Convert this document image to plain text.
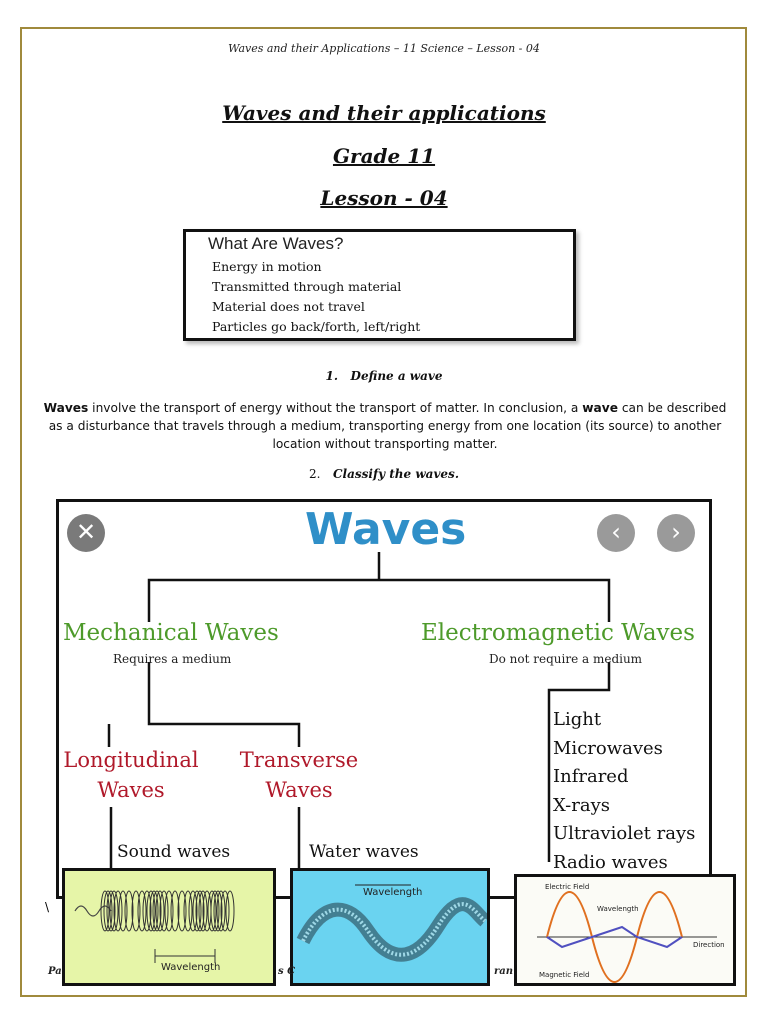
Waves and their Applications – 11 Science – Lesson - 04
Waves and their applications
Grade 11
Lesson - 04
What Are Waves?
Energy in motion
Transmitted through material
Material does not travel
Particles go back/forth, left/right
1. Define a wave
Waves involve the transport of energy without the transport of matter. In conclusion, a wave can be described as a disturbance that travels through a medium, transporting energy from one location (its source) to another location without transporting matter.
2. Classify the waves.
Waves
✕	‹	›
Mechanical Waves
Requires a medium
Electromagnetic Waves
Do not require a medium
Longitudinal
Waves
Transverse
Waves
Sound waves	Water waves
Light
Microwaves
Infrared
X-rays
Ultraviolet rays
Radio waves
\
Wavelength
Wavelength	Electric Field
Wavelength
Direction
Magnetic Field
Pa	s C	ran
